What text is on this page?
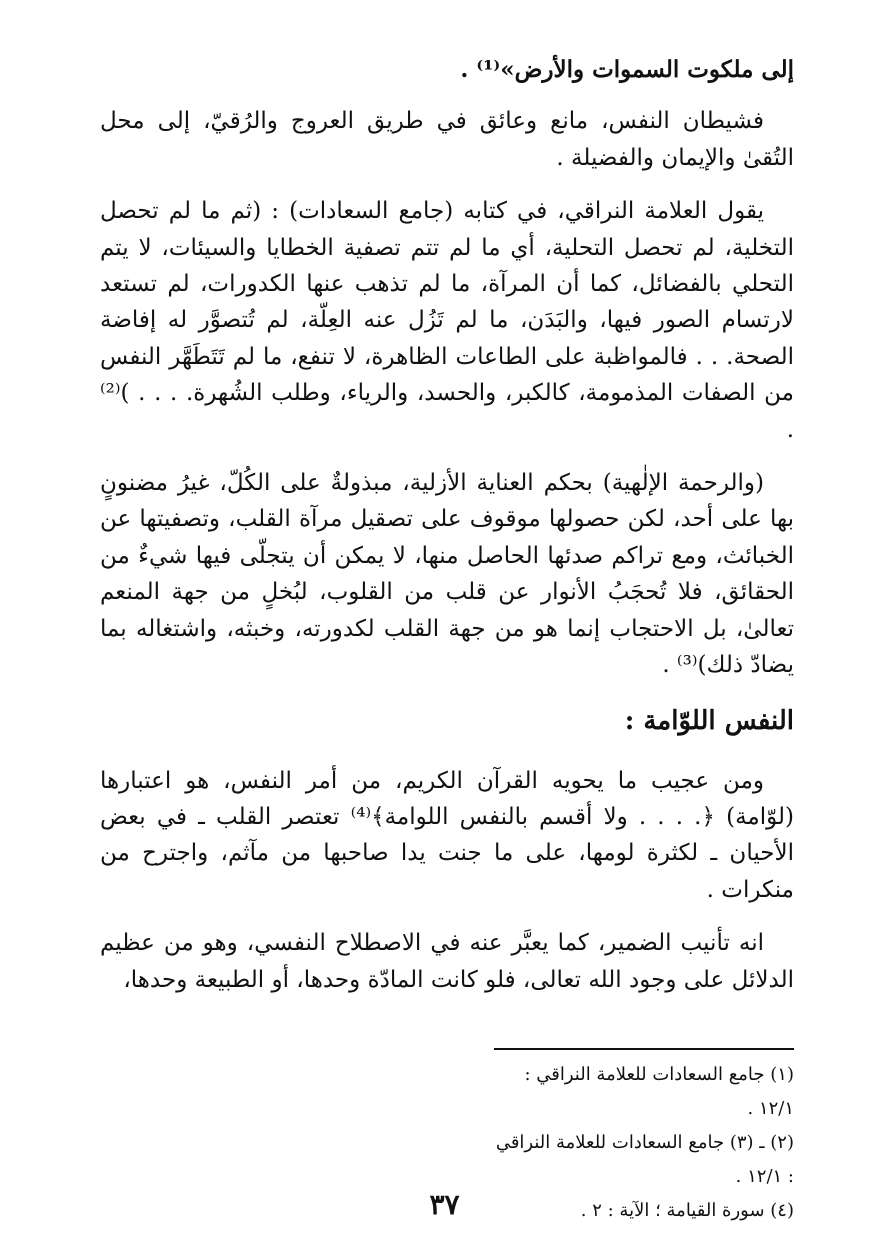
إلى ملكوت السموات والأرض»⁽¹⁾ .

فشيطان النفس، مانع وعائق في طريق العروج والرُقيّ، إلى محل التُقىٰ والإيمان والفضيلة .

يقول العلامة النراقي، في كتابه (جامع السعادات) : (ثم ما لم تحصل التخلية، لم تحصل التحلية، أي ما لم تتم تصفية الخطايا والسيئات، لا يتم التحلي بالفضائل، كما أن المرآة، ما لم تذهب عنها الكدورات، لم تستعد لارتسام الصور فيها، والبَدَن، ما لم تَزُل عنه العِلّة، لم تُتصوَّر له إفاضة الصحة. . . فالمواظبة على الطاعات الظاهرة، لا تنفع، ما لم تَتَطَهَّر النفس من الصفات المذمومة، كالكبر، والحسد، والرياء، وطلب الشُهرة. . . . )⁽²⁾ .

(والرحمة الإلٰهية) بحكم العناية الأزلية، مبذولةٌ على الكُلّ، غيرُ مضنونٍ بها على أحد، لكن حصولها موقوف على تصقيل مرآة القلب، وتصفيتها عن الخبائث، ومع تراكم صدئها الحاصل منها، لا يمكن أن يتجلّى فيها شيءٌ من الحقائق، فلا تُحجَبُ الأنوار عن قلب من القلوب، لبُخلٍ من جهة المنعم تعالىٰ، بل الاحتجاب إنما هو من جهة القلب لكدورته، وخبثه، واشتغاله بما يضادّ ذلك)⁽³⁾ .

النفس اللوّامة :

ومن عجيب ما يحويه القرآن الكريم، من أمر النفس، هو اعتبارها (لوّامة) ﴿. . . . ولا أقسم بالنفس اللوامة﴾⁽⁴⁾ تعتصر القلب ـ في بعض الأحيان ـ لكثرة لومها، على ما جنت يدا صاحبها من مآثم، واجترح من منكرات .

انه تأنيب الضمير، كما يعبَّر عنه في الاصطلاح النفسي، وهو من عظيم الدلائل على وجود الله تعالى، فلو كانت المادّة وحدها، أو الطبيعة وحدها،

(١) جامع السعادات للعلامة النراقي : ١٢/١ .
(٢) ـ (٣) جامع السعادات للعلامة النراقي : ١٢/١ .
(٤) سورة القيامة ؛ الآية : ٢ .
٣٧
